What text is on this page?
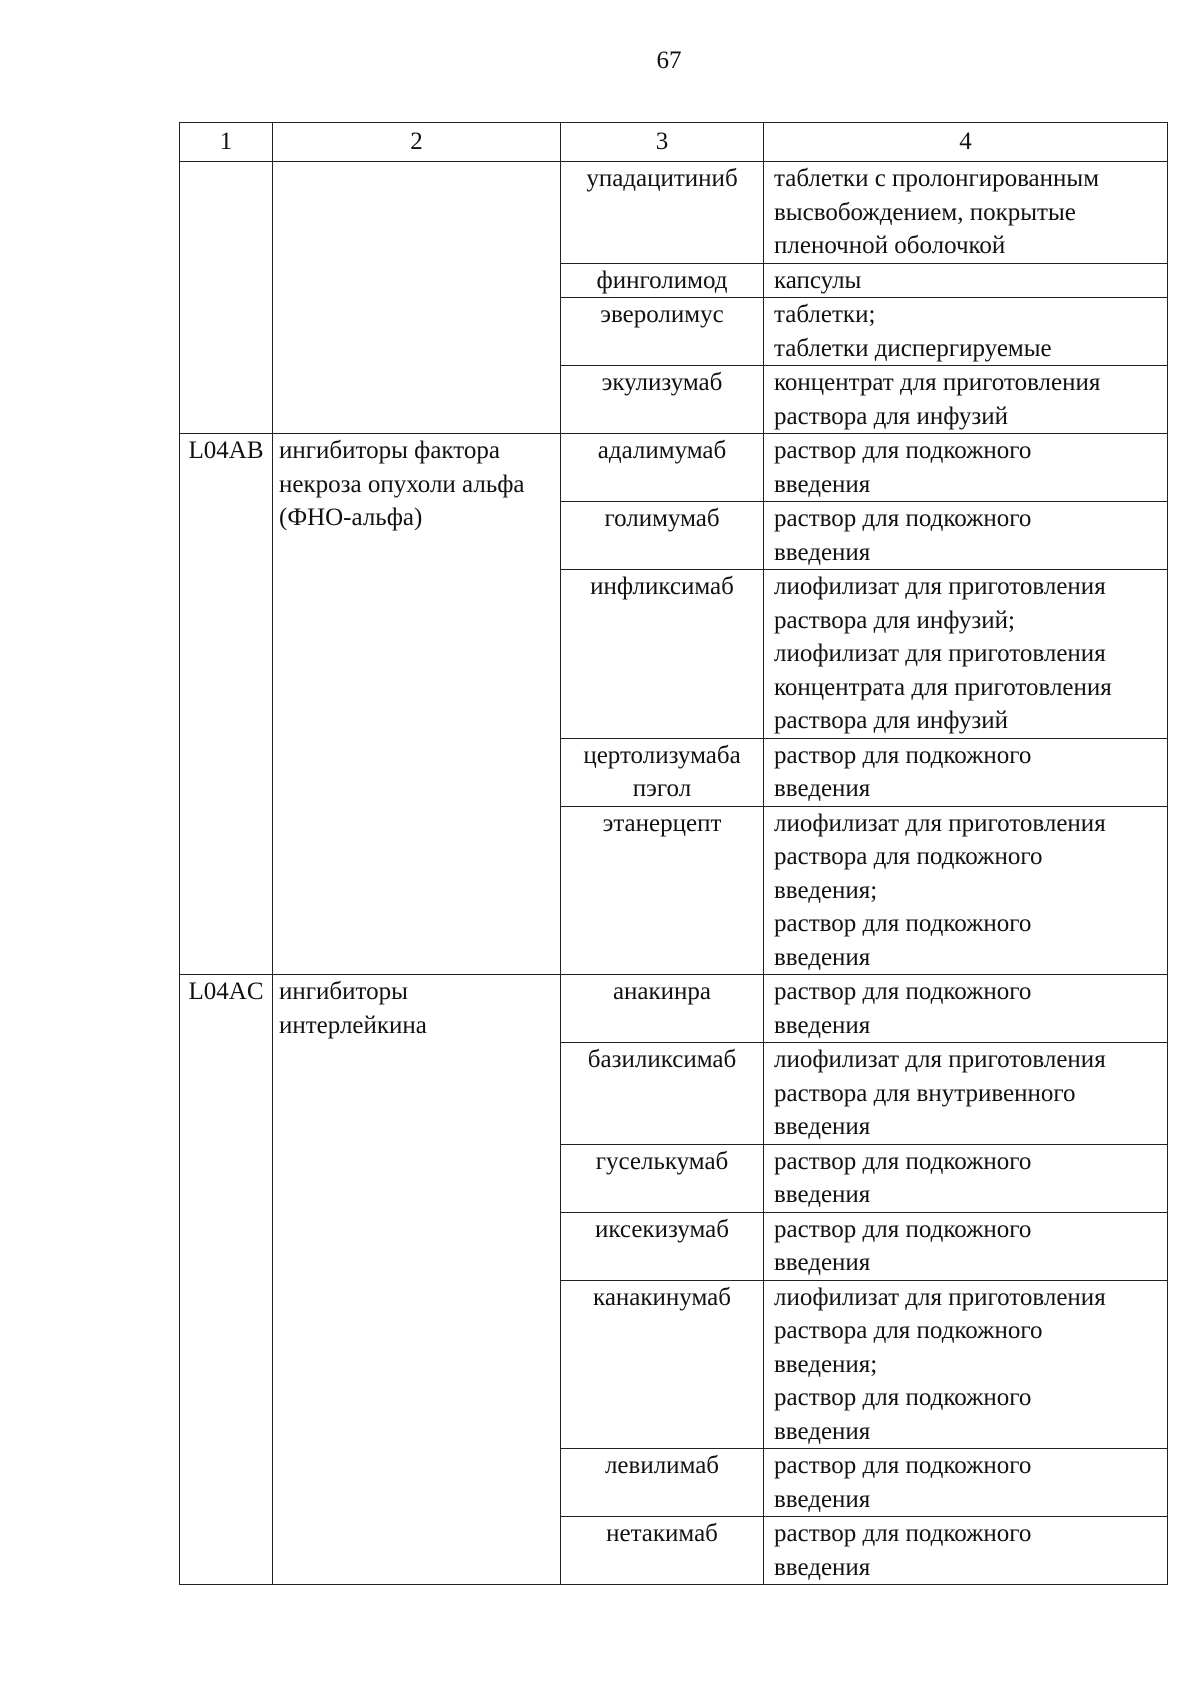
67
1	2	3	4
		упадацитиниб	таблетки с пролонгированным
высвобождением, покрытые
пленочной оболочкой
		финголимод	капсулы
		эверолимус	таблетки;
таблетки диспергируемые
		экулизумаб	концентрат для приготовления
раствора для инфузий
L04AB	ингибиторы фактора
некроза опухоли альфа
(ФНО-альфа)	адалимумаб	раствор для подкожного
введения
		голимумаб	раствор для подкожного
введения
		инфликсимаб	лиофилизат для приготовления
раствора для инфузий;
лиофилизат для приготовления
концентрата для приготовления
раствора для инфузий
		цертолизумаба
пэгол	раствор для подкожного
введения
		этанерцепт	лиофилизат для приготовления
раствора для подкожного
введения;
раствор для подкожного
введения
L04AC	ингибиторы
интерлейкина	анакинра	раствор для подкожного
введения
		базиликсимаб	лиофилизат для приготовления
раствора для внутривенного
введения
		гуселькумаб	раствор для подкожного
введения
		иксекизумаб	раствор для подкожного
введения
		канакинумаб	лиофилизат для приготовления
раствора для подкожного
введения;
раствор для подкожного
введения
		левилимаб	раствор для подкожного
введения
		нетакимаб	раствор для подкожного
введения
